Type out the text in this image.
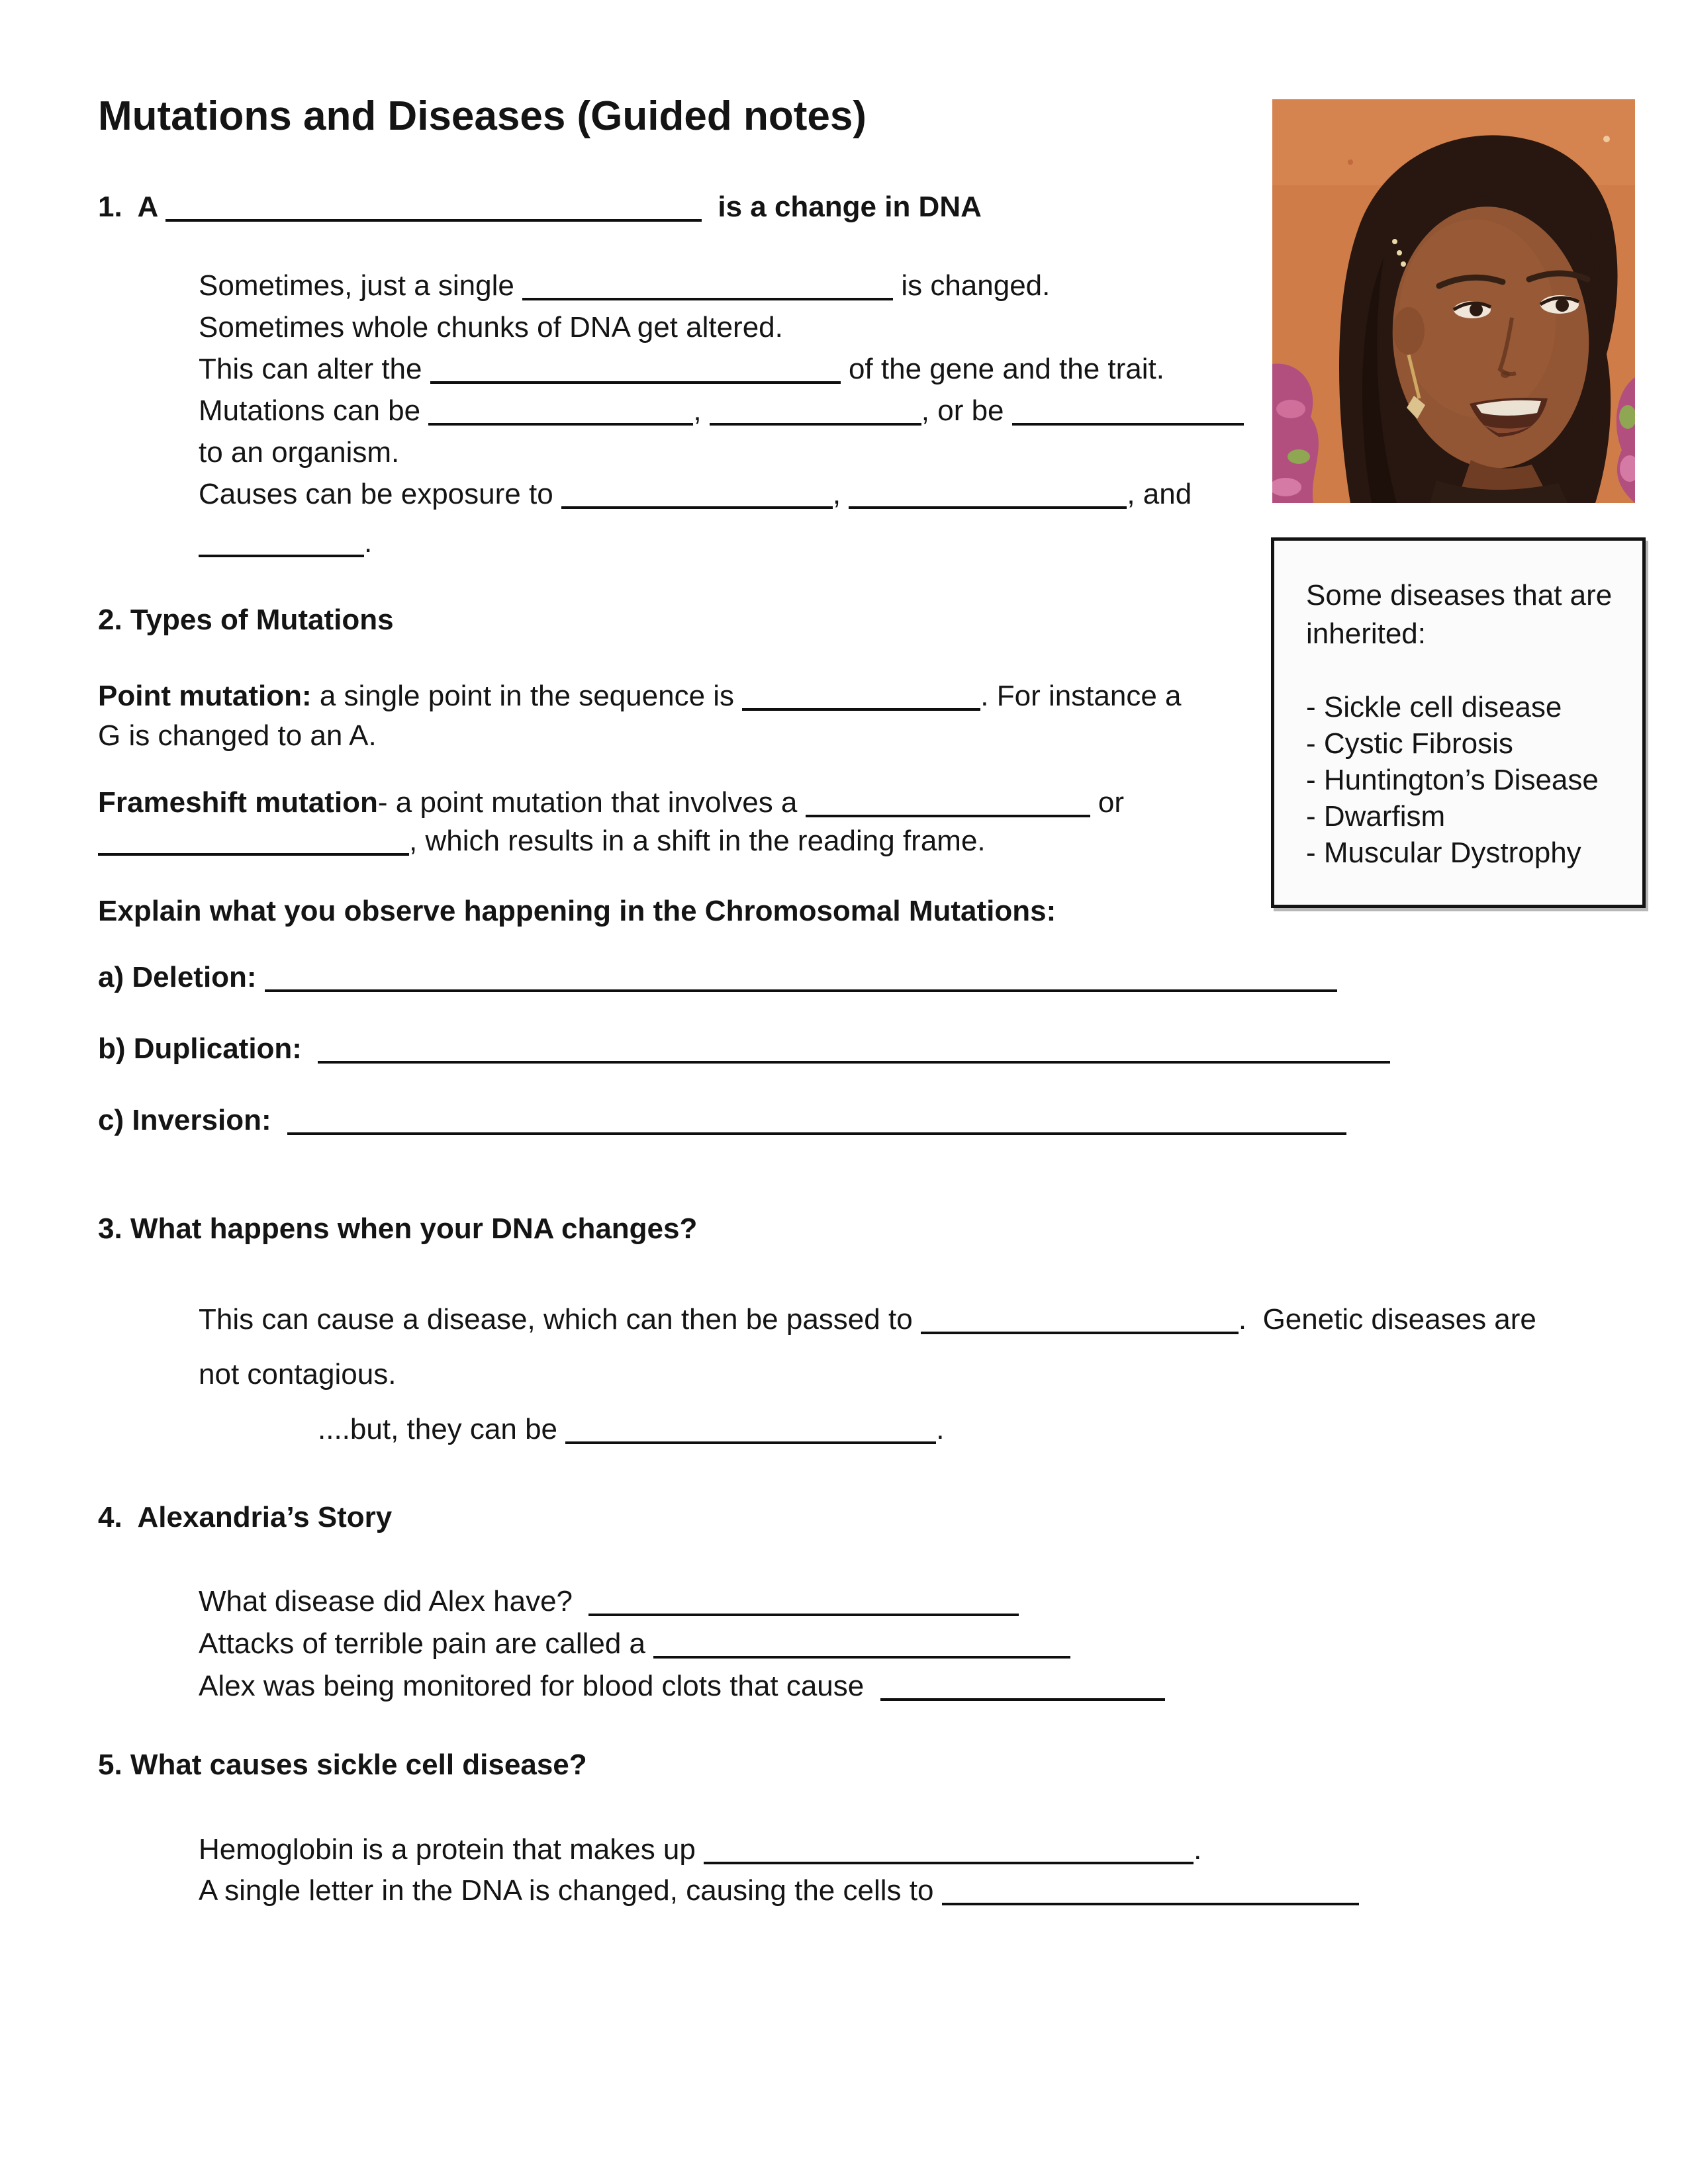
Mutations and Diseases (Guided notes)
1.  A	is a change in DNA
Sometimes, just a single	is changed.
Sometimes whole chunks of DNA get altered.
This can alter the	of the gene and the trait.
Mutations can be	,	, or be
to an organism.
Causes can be exposure to	,	, and
.
2. Types of Mutations
Point mutation: a single point in the sequence is	. For instance a
G is changed to an A.
Frameshift mutation- a point mutation that involves a	or
, which results in a shift in the reading frame.
Explain what you observe happening in the Chromosomal Mutations:
a) Deletion:
b) Duplication:
c) Inversion:
3. What happens when your DNA changes?
This can cause a disease, which can then be passed to	.  Genetic diseases are
not contagious.
....but, they can be	.
4.  Alexandria’s Story
What disease did Alex have?
Attacks of terrible pain are called a
Alex was being monitored for blood clots that cause
5. What causes sickle cell disease?
Hemoglobin is a protein that makes up	.
A single letter in the DNA is changed, causing the cells to
Some diseases that are inherited:
- Sickle cell disease
- Cystic Fibrosis
- Huntington’s Disease
- Dwarfism
- Muscular Dystrophy
